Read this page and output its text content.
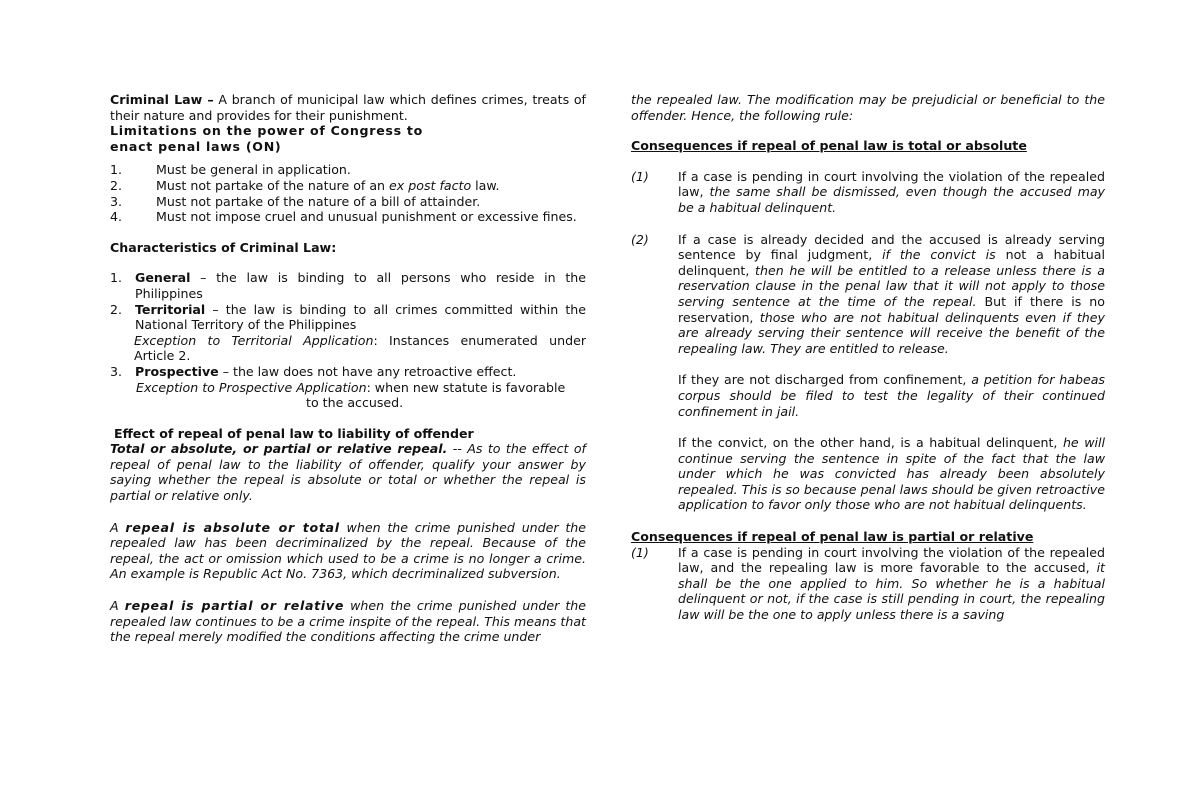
Criminal Law – A branch of municipal law which defines crimes, treats of their nature and provides for their punishment.

Limitations on the power of Congress to enact penal laws (ON)

1.	Must be general in application.
2.	Must not partake of the nature of an ex post facto law.
3.	Must not partake of the nature of a bill of attainder.
4.	Must not impose cruel and unusual punishment or excessive fines.

Characteristics of Criminal Law:

1.	General – the law is binding to all persons who reside in the Philippines
2.	Territorial – the law is binding to all crimes committed within the National Territory of the Philippines

Exception to Territorial Application: Instances enumerated under Article 2.

3.	Prospective – the law does not have any retroactive effect.

Exception to Prospective Application: when new statute is favorable

to the accused.

Effect of repeal of penal law to liability of offender

Total or absolute, or partial or relative repeal. -- As to the effect of repeal of penal law to the liability of offender, qualify your answer by saying whether the repeal is absolute or total or whether the repeal is partial or relative only.

A repeal is absolute or total when the crime punished under the repealed law has been decriminalized by the repeal. Because of the repeal, the act or omission which used to be a crime is no longer a crime. An example is Republic Act No. 7363, which decriminalized subversion.

A repeal is partial or relative when the crime punished under the repealed law continues to be a crime inspite of the repeal. This means that the repeal merely modified the conditions affecting the crime under

the repealed law. The modification may be prejudicial or beneficial to the offender. Hence, the following rule:

Consequences if repeal of penal law is total or absolute

(1)	If a case is pending in court involving the violation of the repealed law, the same shall be dismissed, even though the accused may be a habitual delinquent.
(2)	If a case is already decided and the accused is already serving sentence by final judgment, if the convict is not a habitual delinquent, then he will be entitled to a release unless there is a reservation clause in the penal law that it will not apply to those serving sentence at the time of the repeal. But if there is no reservation, those who are not habitual delinquents even if they are already serving their sentence will receive the benefit of the repealing law. They are entitled to release.

If they are not discharged from confinement, a petition for habeas corpus should be filed to test the legality of their continued confinement in jail.

If the convict, on the other hand, is a habitual delinquent, he will continue serving the sentence in spite of the fact that the law under which he was convicted has already been absolutely repealed. This is so because penal laws should be given retroactive application to favor only those who are not habitual delinquents.

Consequences if repeal of penal law is partial or relative

(1)	If a case is pending in court involving the violation of the repealed law, and the repealing law is more favorable to the accused, it shall be the one applied to him. So whether he is a habitual delinquent or not, if the case is still pending in court, the repealing law will be the one to apply unless there is a saving
